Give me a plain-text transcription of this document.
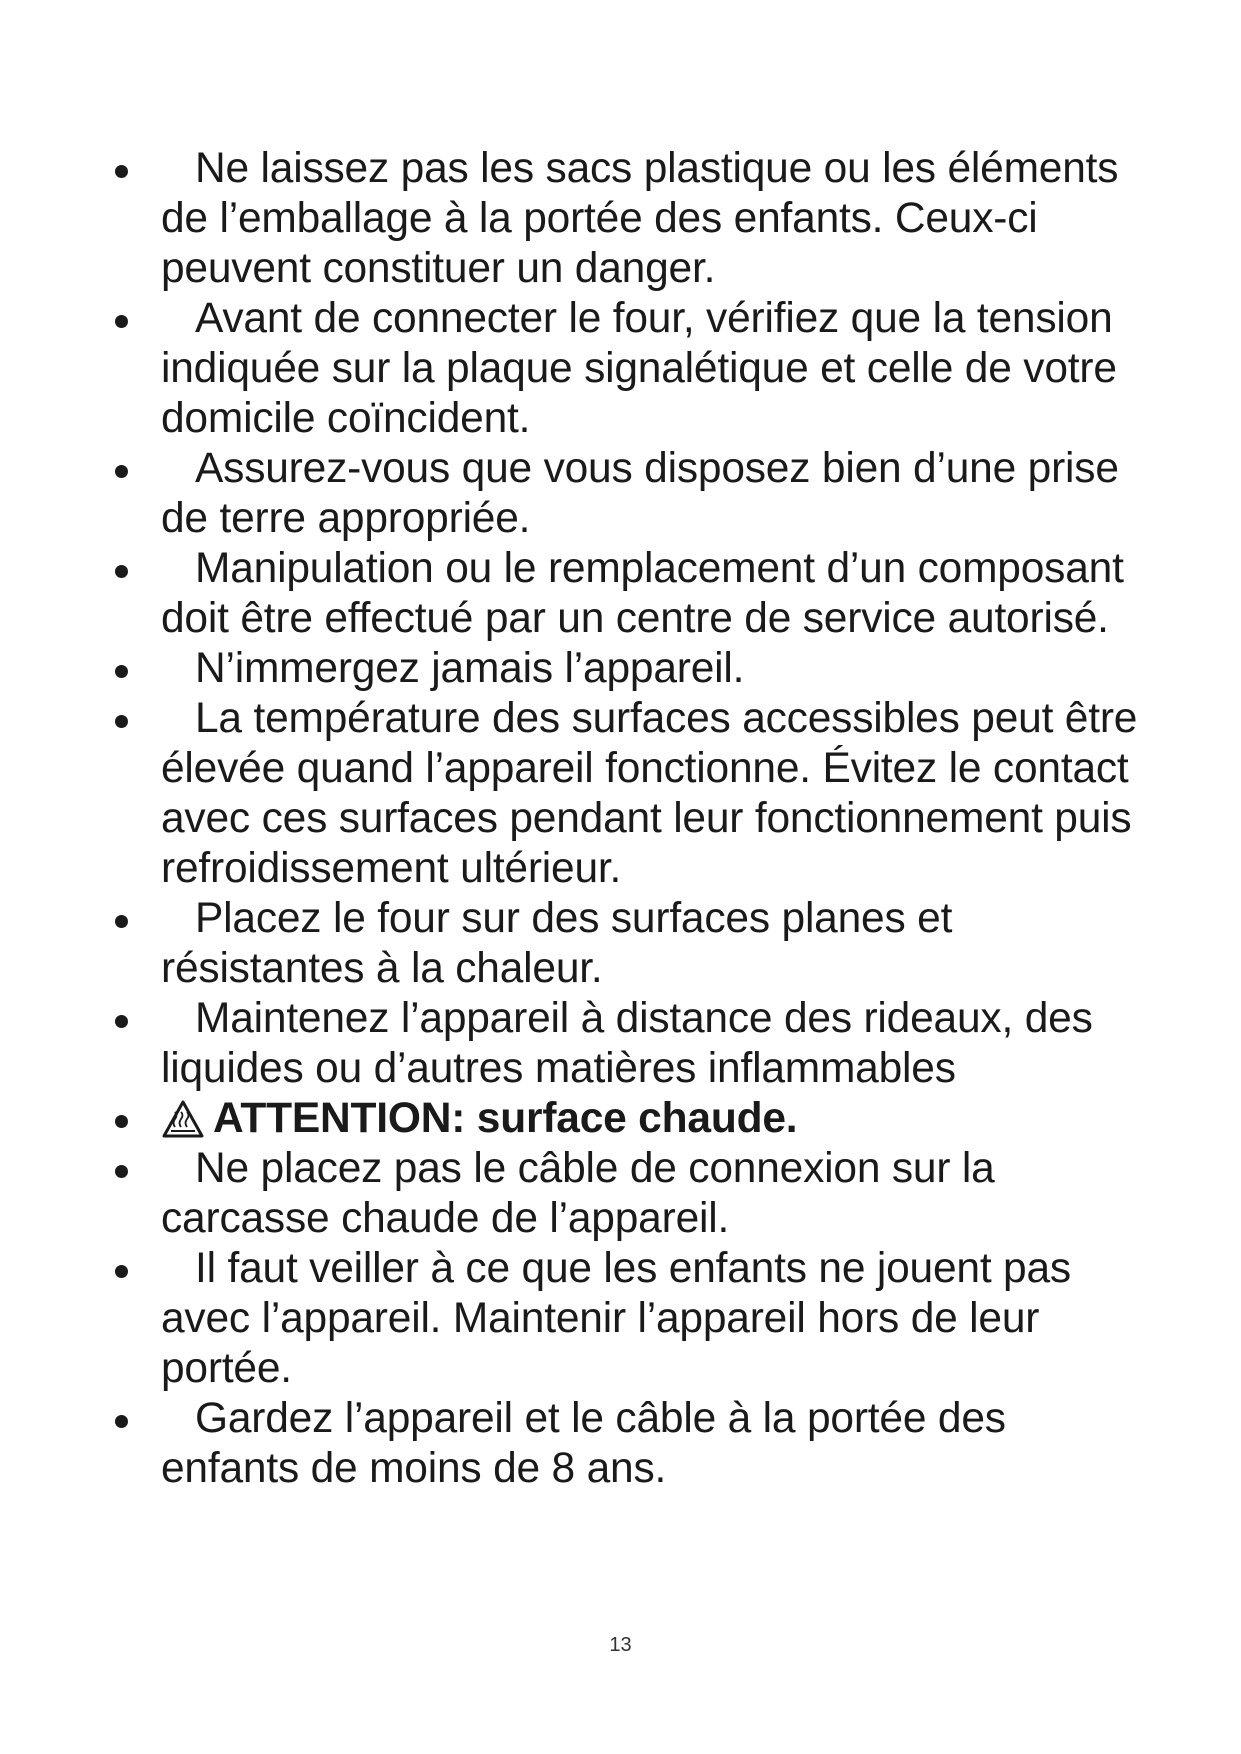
Ne laissez pas les sacs plastique ou les éléments de l’emballage à la portée des enfants. Ceux-ci peuvent constituer un danger.
Avant de connecter le four, vérifiez que la tension indiquée sur la plaque signalétique et celle de votre domicile coïncident.
Assurez-vous que vous disposez bien d’une prise de terre appropriée.
Manipulation ou le remplacement d’un composant doit être effectué par un centre de service autorisé.
N’immergez jamais l’appareil.
La température des surfaces accessibles peut être élevée quand l’appareil fonctionne. Évitez le contact avec ces surfaces pendant leur fonctionnement puis refroidissement ultérieur.
Placez le four sur des surfaces planes et résistantes à la chaleur.
Maintenez l’appareil à distance des rideaux, des liquides ou d’autres matières inflammables
ATTENTION: surface chaude.
Ne placez pas le câble de connexion sur la carcasse chaude de l’appareil.
Il faut veiller à ce que les enfants ne jouent pas avec l’appareil. Maintenir l’appareil hors de leur portée.
Gardez l’appareil et le câble à la portée des enfants de moins de 8 ans.
13
